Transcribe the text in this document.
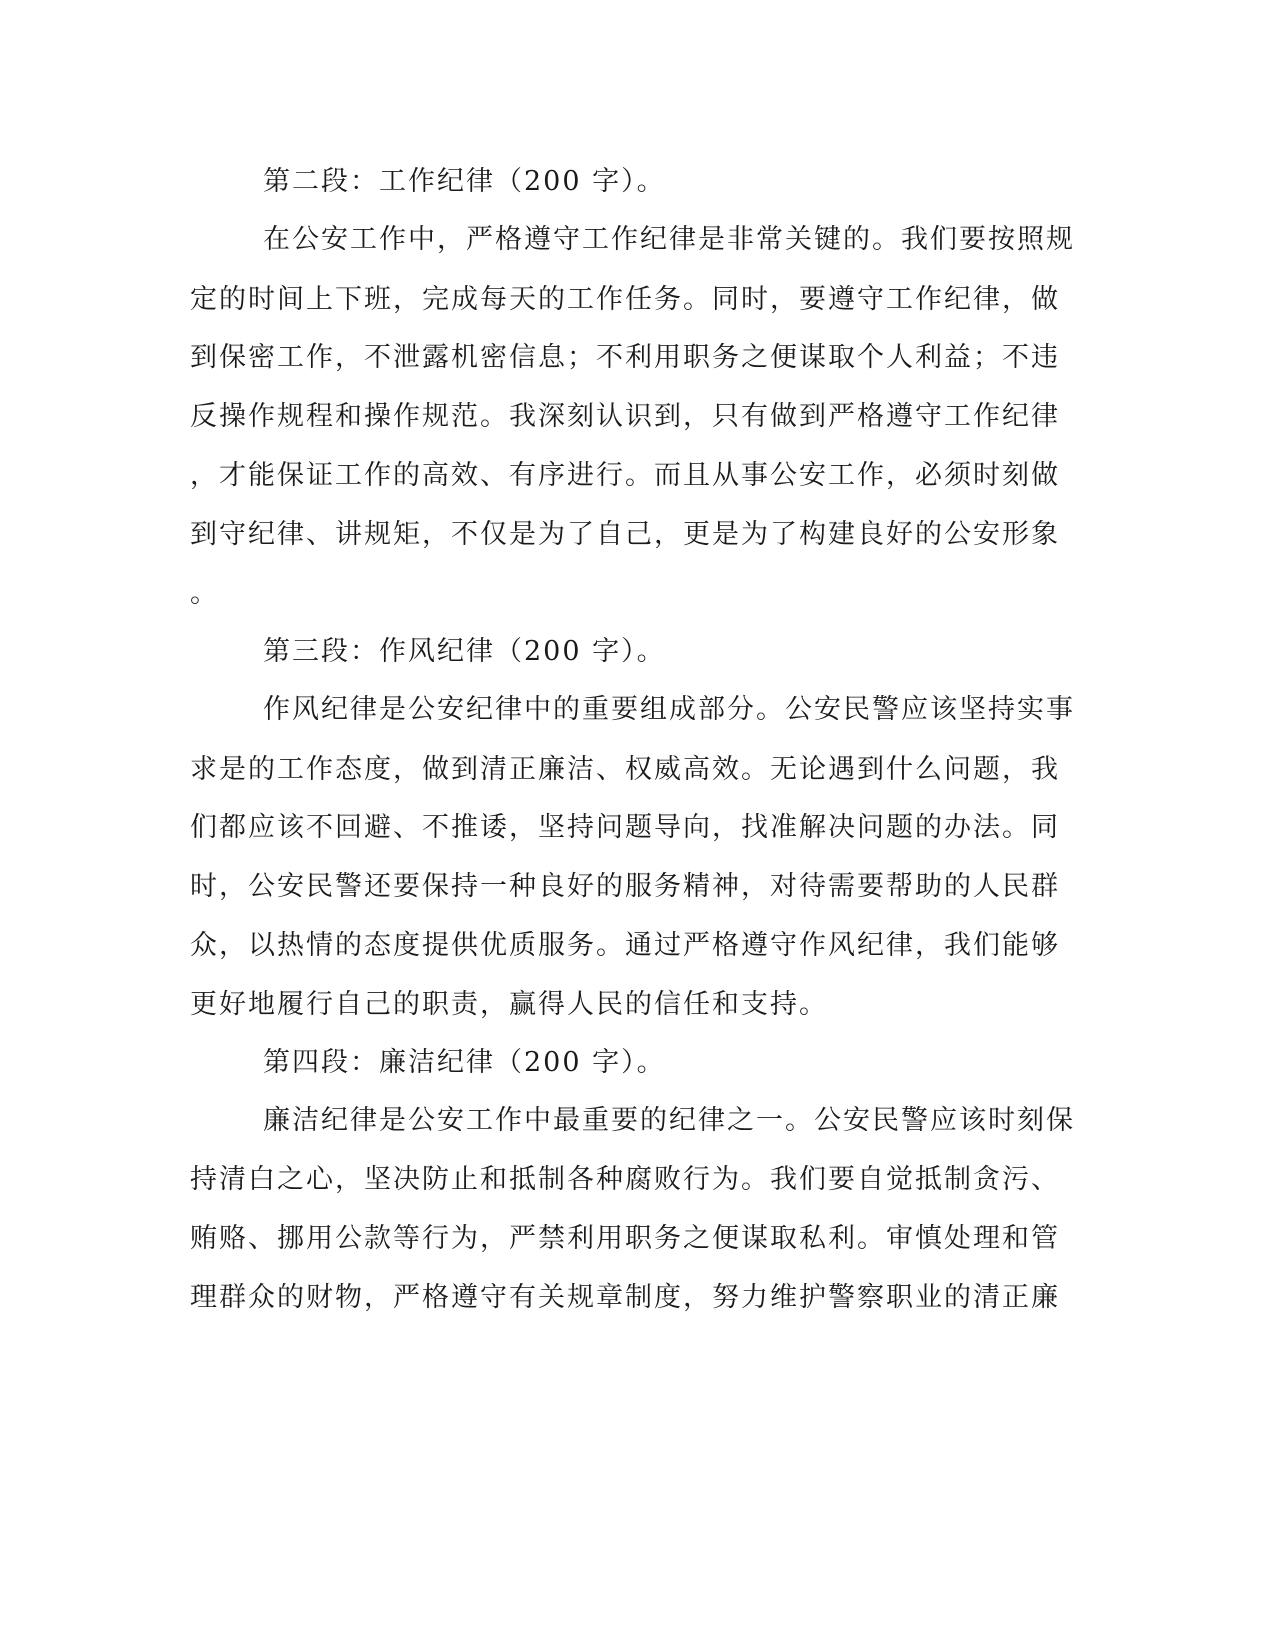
第二段：工作纪律（200 字）。
在公安工作中，严格遵守工作纪律是非常关键的。我们要按照规
定的时间上下班，完成每天的工作任务。同时，要遵守工作纪律，做
到保密工作，不泄露机密信息；不利用职务之便谋取个人利益；不违
反操作规程和操作规范。我深刻认识到，只有做到严格遵守工作纪律
，才能保证工作的高效、有序进行。而且从事公安工作，必须时刻做
到守纪律、讲规矩，不仅是为了自己，更是为了构建良好的公安形象
。
第三段：作风纪律（200 字）。
作风纪律是公安纪律中的重要组成部分。公安民警应该坚持实事
求是的工作态度，做到清正廉洁、权威高效。无论遇到什么问题，我
们都应该不回避、不推诿，坚持问题导向，找准解决问题的办法。同
时，公安民警还要保持一种良好的服务精神，对待需要帮助的人民群
众，以热情的态度提供优质服务。通过严格遵守作风纪律，我们能够
更好地履行自己的职责，赢得人民的信任和支持。
第四段：廉洁纪律（200 字）。
廉洁纪律是公安工作中最重要的纪律之一。公安民警应该时刻保
持清白之心，坚决防止和抵制各种腐败行为。我们要自觉抵制贪污、
贿赂、挪用公款等行为，严禁利用职务之便谋取私利。审慎处理和管
理群众的财物，严格遵守有关规章制度，努力维护警察职业的清正廉
